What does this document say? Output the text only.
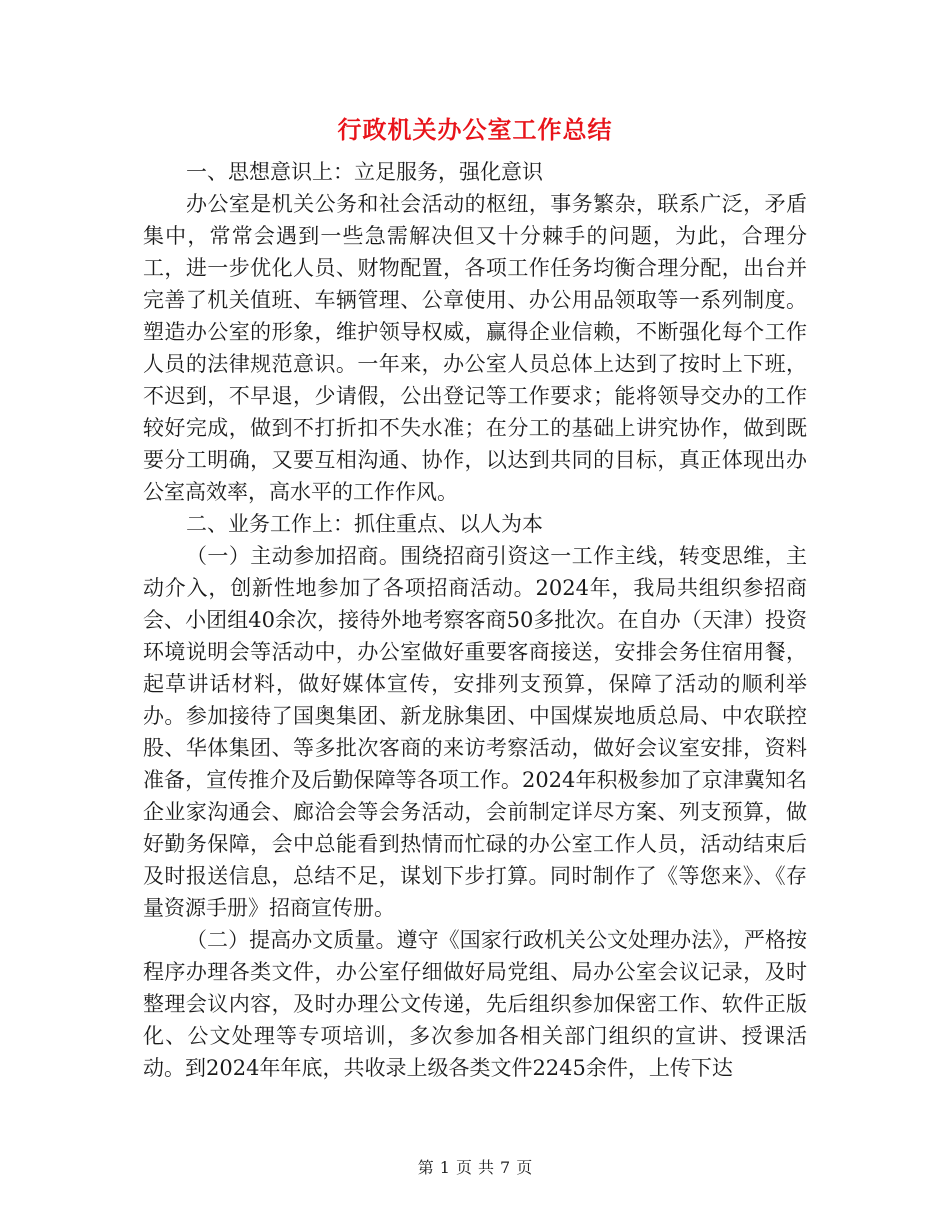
行政机关办公室工作总结

一、思想意识上：立足服务，强化意识

办公室是机关公务和社会活动的枢纽，事务繁杂，联系广泛，矛盾集中，常常会遇到一些急需解决但又十分棘手的问题，为此，合理分工，进一步优化人员、财物配置，各项工作任务均衡合理分配，出台并完善了机关值班、车辆管理、公章使用、办公用品领取等一系列制度。塑造办公室的形象，维护领导权威，赢得企业信赖，不断强化每个工作人员的法律规范意识。一年来，办公室人员总体上达到了按时上下班，不迟到，不早退，少请假，公出登记等工作要求；能将领导交办的工作较好完成，做到不打折扣不失水准；在分工的基础上讲究协作，做到既要分工明确，又要互相沟通、协作，以达到共同的目标，真正体现出办公室高效率，高水平的工作作风。

二、业务工作上：抓住重点、以人为本

（一）主动参加招商。围绕招商引资这一工作主线，转变思维，主动介入，创新性地参加了各项招商活动。2024年，我局共组织参招商会、小团组40余次，接待外地考察客商50多批次。在自办（天津）投资环境说明会等活动中，办公室做好重要客商接送，安排会务住宿用餐，起草讲话材料，做好媒体宣传，安排列支预算，保障了活动的顺利举办。参加接待了国奥集团、新龙脉集团、中国煤炭地质总局、中农联控股、华体集团、等多批次客商的来访考察活动，做好会议室安排，资料准备，宣传推介及后勤保障等各项工作。2024年积极参加了京津冀知名企业家沟通会、廊洽会等会务活动，会前制定详尽方案、列支预算，做好勤务保障，会中总能看到热情而忙碌的办公室工作人员，活动结束后及时报送信息，总结不足，谋划下步打算。同时制作了《等您来》、《存量资源手册》招商宣传册。

（二）提高办文质量。遵守《国家行政机关公文处理办法》，严格按程序办理各类文件，办公室仔细做好局党组、局办公室会议记录，及时整理会议内容，及时办理公文传递，先后组织参加保密工作、软件正版化、公文处理等专项培训，多次参加各相关部门组织的宣讲、授课活动。到2024年年底，共收录上级各类文件2245余件，上传下达

第 1 页 共 7 页
